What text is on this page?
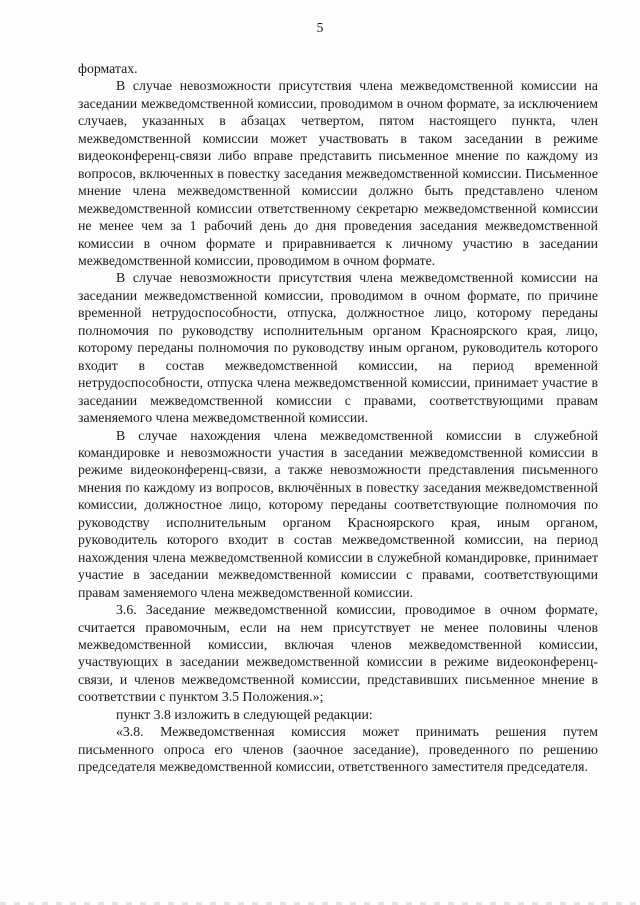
5

форматах.

В случае невозможности присутствия члена межведомственной комиссии на заседании межведомственной комиссии, проводимом в очном формате, за исключением случаев, указанных в абзацах четвертом, пятом настоящего пункта, член межведомственной комиссии может участвовать в таком заседании в режиме видеоконференц-связи либо вправе представить письменное мнение по каждому из вопросов, включенных в повестку заседания межведомственной комиссии. Письменное мнение члена межведомственной комиссии должно быть представлено членом межведомственной комиссии ответственному секретарю межведомственной комиссии не менее чем за 1 рабочий день до дня проведения заседания межведомственной комиссии в очном формате и приравнивается к личному участию в заседании межведомственной комиссии, проводимом в очном формате.

В случае невозможности присутствия члена межведомственной комиссии на заседании межведомственной комиссии, проводимом в очном формате, по причине временной нетрудоспособности, отпуска, должностное лицо, которому переданы полномочия по руководству исполнительным органом Красноярского края, лицо, которому переданы полномочия по руководству иным органом, руководитель которого входит в состав межведомственной комиссии, на период временной нетрудоспособности, отпуска члена межведомственной комиссии, принимает участие в заседании межведомственной комиссии с правами, соответствующими правам заменяемого члена межведомственной комиссии.

В случае нахождения члена межведомственной комиссии в служебной командировке и невозможности участия в заседании межведомственной комиссии в режиме видеоконференц-связи, а также невозможности представления письменного мнения по каждому из вопросов, включённых в повестку заседания межведомственной комиссии, должностное лицо, которому переданы соответствующие полномочия по руководству исполнительным органом Красноярского края, иным органом, руководитель которого входит в состав межведомственной комиссии, на период нахождения члена межведомственной комиссии в служебной командировке, принимает участие в заседании межведомственной комиссии с правами, соответствующими правам заменяемого члена межведомственной комиссии.

3.6. Заседание межведомственной комиссии, проводимое в очном формате, считается правомочным, если на нем присутствует не менее половины членов межведомственной комиссии, включая членов межведомственной комиссии, участвующих в заседании межведомственной комиссии в режиме видеоконференц-связи, и членов межведомственной комиссии, представивших письменное мнение в соответствии с пунктом 3.5 Положения.»;

пункт 3.8 изложить в следующей редакции:

«3.8. Межведомственная комиссия может принимать решения путем письменного опроса его членов (заочное заседание), проведенного по решению председателя межведомственной комиссии, ответственного заместителя председателя.
